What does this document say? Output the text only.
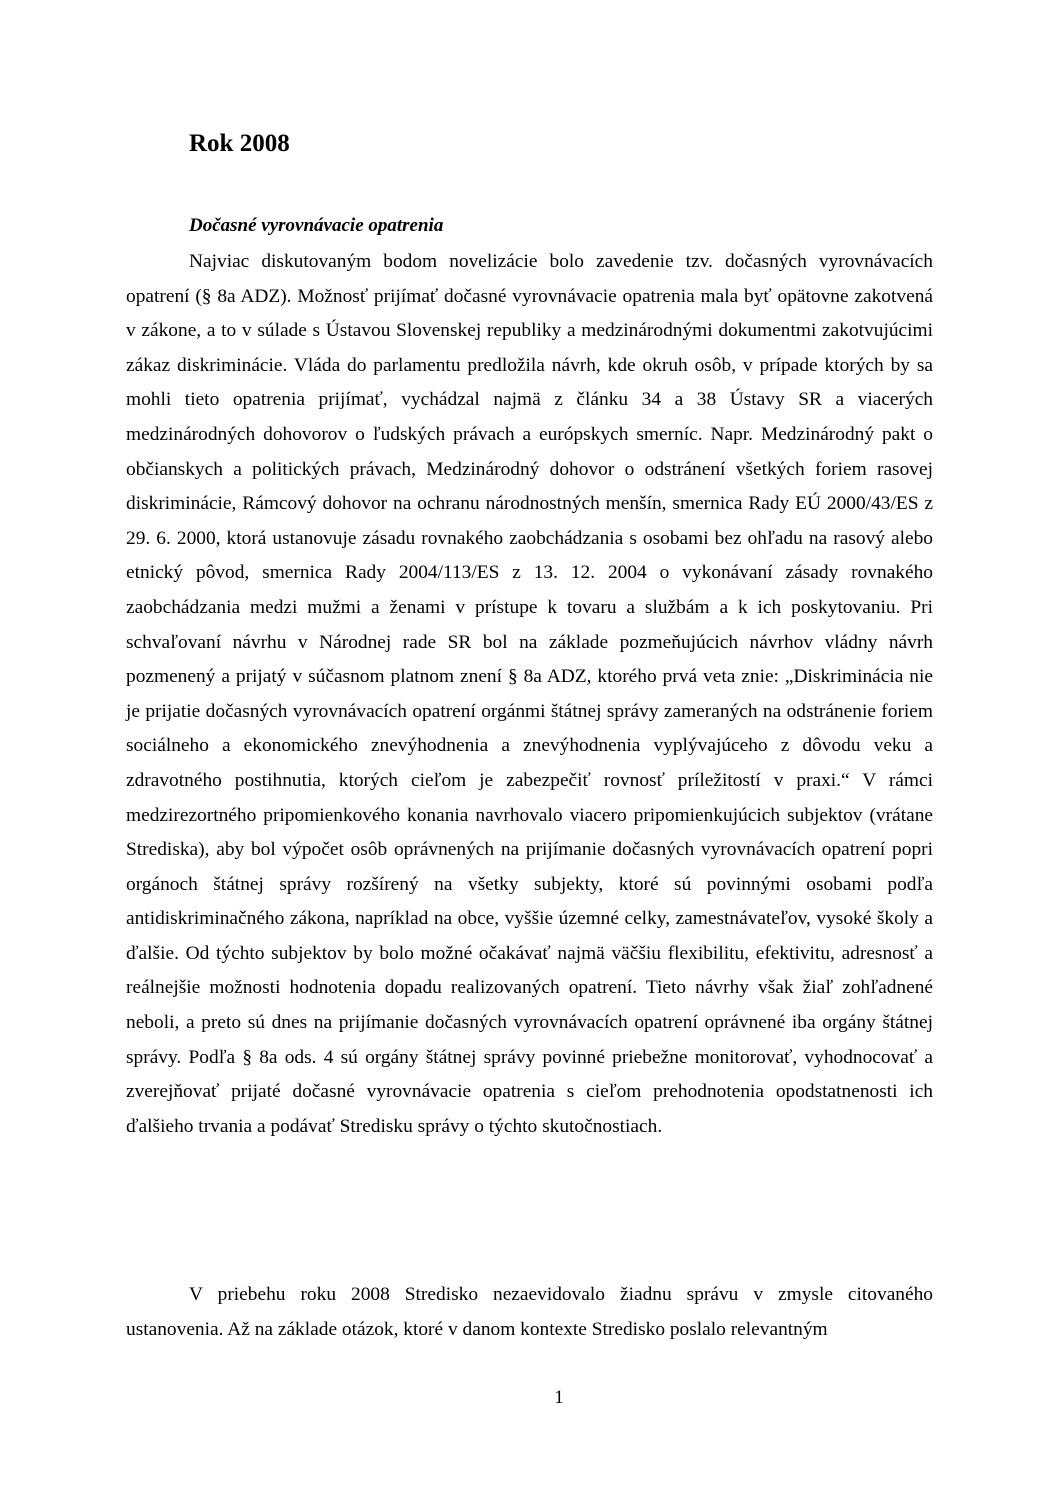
Rok 2008
Dočasné vyrovnávacie opatrenia

Najviac diskutovaným bodom novelizácie bolo zavedenie tzv. dočasných vyrovnávacích opatrení (§ 8a ADZ). Možnosť prijímať dočasné vyrovnávacie opatrenia mala byť opätovne zakotvená v zákone, a to v súlade s Ústavou Slovenskej republiky a medzinárodnými dokumentmi zakotvujúcimi zákaz diskriminácie. Vláda do parlamentu predložila návrh, kde okruh osôb, v prípade ktorých by sa mohli tieto opatrenia prijímať, vychádzal najmä z článku 34 a 38 Ústavy SR a viacerých medzinárodných dohovorov o ľudských právach a európskych smerníc. Napr. Medzinárodný pakt o občianskych a politických právach, Medzinárodný dohovor o odstránení všetkých foriem rasovej diskriminácie, Rámcový dohovor na ochranu národnostných menšín, smernica Rady EÚ 2000/43/ES z 29. 6. 2000, ktorá ustanovuje zásadu rovnakého zaobchádzania s osobami bez ohľadu na rasový alebo etnický pôvod, smernica Rady 2004/113/ES z 13. 12. 2004 o vykonávaní zásady rovnakého zaobchádzania medzi mužmi a ženami v prístupe k tovaru a službám a k ich poskytovaniu. Pri schvaľovaní návrhu v Národnej rade SR bol na základe pozmeňujúcich návrhov vládny návrh pozmenený a prijatý v súčasnom platnom znení § 8a ADZ, ktorého prvá veta znie: „Diskriminácia nie je prijatie dočasných vyrovnávacích opatrení orgánmi štátnej správy zameraných na odstránenie foriem sociálneho a ekonomického znevýhodnenia a znevýhodnenia vyplývajúceho z dôvodu veku a zdravotného postihnutia, ktorých cieľom je zabezpečiť rovnosť príležitostí v praxi.“ V rámci medzirezortného pripomienkového konania navrhovalo viacero pripomienkujúcich subjektov (vrátane Strediska), aby bol výpočet osôb oprávnených na prijímanie dočasných vyrovnávacích opatrení popri orgánoch štátnej správy rozšírený na všetky subjekty, ktoré sú povinnými osobami podľa antidiskriminačného zákona, napríklad na obce, vyššie územné celky, zamestnávateľov, vysoké školy a ďalšie. Od týchto subjektov by bolo možné očakávať najmä väčšiu flexibilitu, efektivitu, adresnosť a reálnejšie možnosti hodnotenia dopadu realizovaných opatrení. Tieto návrhy však žiaľ zohľadnené neboli, a preto sú dnes na prijímanie dočasných vyrovnávacích opatrení oprávnené iba orgány štátnej správy. Podľa § 8a ods. 4 sú orgány štátnej správy povinné priebežne monitorovať, vyhodnocovať a zverejňovať prijaté dočasné vyrovnávacie opatrenia s cieľom prehodnotenia opodstatnenosti ich ďalšieho trvania a podávať Stredisku správy o týchto skutočnostiach.

V priebehu roku 2008 Stredisko nezaevidovalo žiadnu správu v zmysle citovaného ustanovenia. Až na základe otázok, ktoré v danom kontexte Stredisko poslalo relevantným

1
